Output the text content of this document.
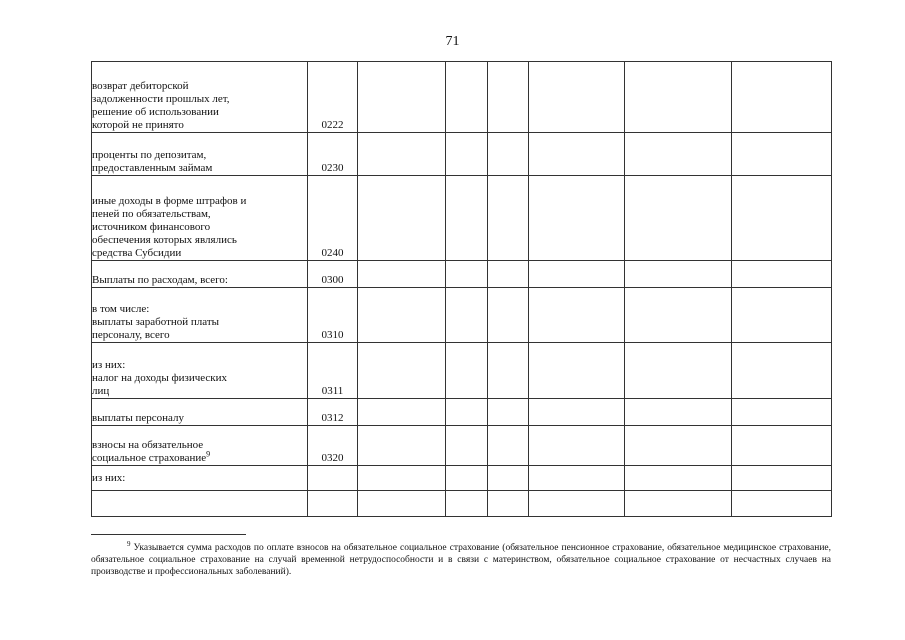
71
возврат дебиторской
задолженности прошлых лет,
решение об использовании
которой не принято	0222						

проценты по депозитам,
предоставленным займам	0230						

иные доходы в форме штрафов и
пеней по обязательствам,
источником финансового
обеспечения которых являлись
средства Субсидии	0240						

Выплаты по расходам, всего:	0300						

в том числе:
выплаты заработной платы
персоналу, всего	0310						

из них:
налог на доходы физических
лиц	0311						

выплаты персоналу	0312						

взносы на обязательное
социальное страхование$^9$	0320						

из них:							

$^9$ Указывается сумма расходов по оплате взносов на обязательное социальное страхование (обязательное пенсионное страхование, обязательное медицинское страхование, обязательное социальное страхование на случай временной нетрудоспособности и в связи с материнством, обязательное социальное страхование от несчастных случаев на производстве и профессиональных заболеваний).
